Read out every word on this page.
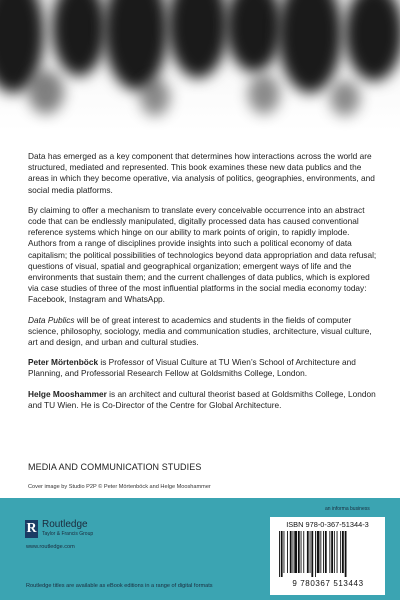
Data has emerged as a key component that determines how interactions across the world are structured, mediated and represented. This book examines these new data publics and the areas in which they become operative, via analysis of politics, geographies, environments, and social media platforms.

By claiming to offer a mechanism to translate every conceivable occurrence into an abstract code that can be endlessly manipulated, digitally processed data has caused conventional reference systems which hinge on our ability to mark points of origin, to rapidly implode. Authors from a range of disciplines provide insights into such a political economy of data capitalism; the political possibilities of technologics beyond data appropriation and data refusal; questions of visual, spatial and geographical organization; emergent ways of life and the environments that sustain them; and the current challenges of data publics, which is explored via case studies of three of the most influential platforms in the social media economy today: Facebook, Instagram and WhatsApp.

Data Publics will be of great interest to academics and students in the fields of computer science, philosophy, sociology, media and communication studies, architecture, visual culture, art and design, and urban and cultural studies.

Peter Mörtenböck is Professor of Visual Culture at TU Wien’s School of Architecture and Planning, and Professorial Research Fellow at Goldsmiths College, London.

Helge Mooshammer is an architect and cultural theorist based at Goldsmiths College, London and TU Wien. He is Co-Director of the Centre for Global Architecture.

MEDIA AND COMMUNICATION STUDIES
Cover image by Studio P2P © Peter Mörtenböck and Helge Mooshammer
R Routledge
Taylor & Francis Group
www.routledge.com
Routledge titles are available as eBook editions in a range of digital formats
an informa business
ISBN 978-0-367-51344-3
9 780367 513443
